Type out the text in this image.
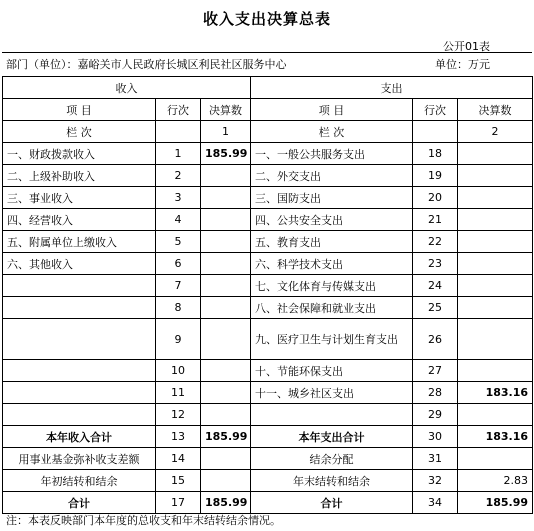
收入支出决算总表
公开01表
部门（单位）：嘉峪关市人民政府长城区利民社区服务中心	单位：万元
收入			支出		
项 目	行次	决算数	项 目	行次	决算数
栏 次		1	栏 次		2
一、财政拨款收入	1	185.99	一、一般公共服务支出	18	
二、上级补助收入	2		二、外交支出	19	
三、事业收入	3		三、国防支出	20	
四、经营收入	4		四、公共安全支出	21	
五、附属单位上缴收入	5		五、教育支出	22	
六、其他收入	6		六、科学技术支出	23	
	7		七、文化体育与传媒支出	24	
	8		八、社会保障和就业支出	25	
	9		九、医疗卫生与计划生育支出	26	
	10		十、节能环保支出	27	
	11		十一、城乡社区支出	28	183.16
	12			29	
本年收入合计	13	185.99	本年支出合计	30	183.16
用事业基金弥补收支差额	14		结余分配	31	
年初结转和结余	15		年末结转和结余	32	2.83
合计	17	185.99	合计	34	185.99
注：本表反映部门本年度的总收支和年末结转结余情况。
